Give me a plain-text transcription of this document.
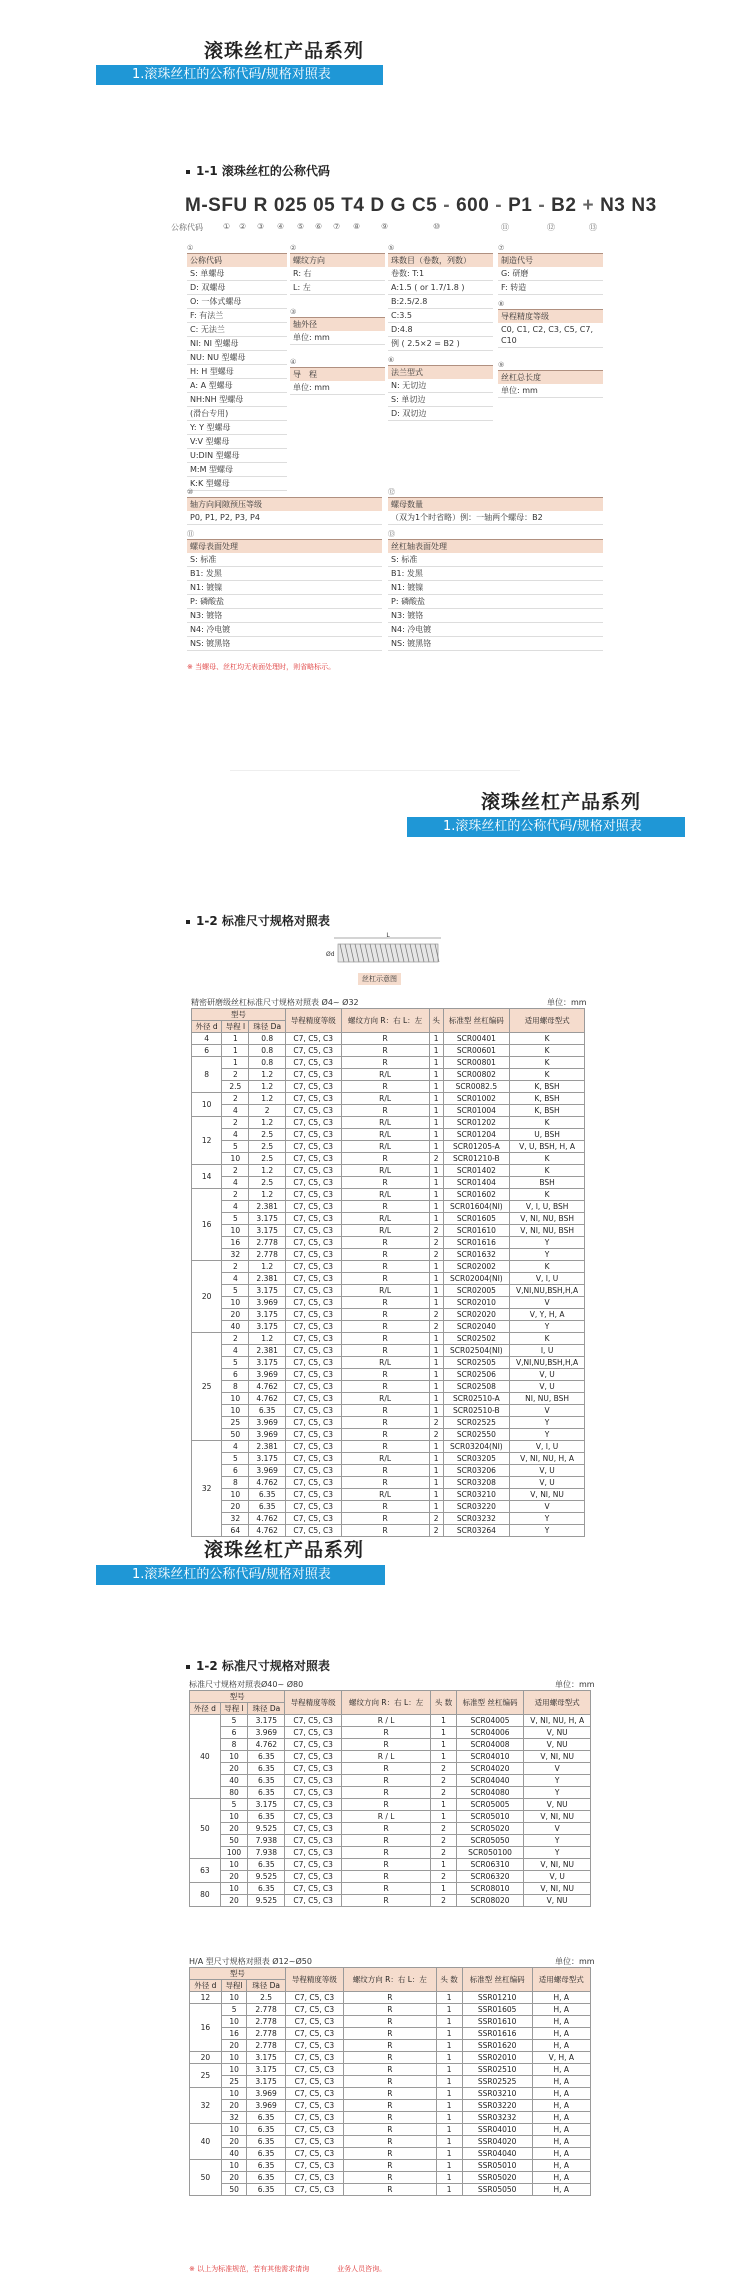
滚珠丝杠产品系列
1.滚珠丝杠的公称代码/规格对照表
1-1 滚珠丝杠的公称代码
M-SFU R 025 05 T4 D G C5 - 600 - P1 - B2 + N3 N3
公称代码	① ② ③ ④ ⑤ ⑥ ⑦ ⑧	⑨	⑩	⑪	⑫	⑬
①
公称代码
S: 单螺母
D: 双螺母
O: 一体式螺母
F: 有法兰
C: 无法兰
NI: NI 型螺母
NU: NU 型螺母
H: H 型螺母
A: A 型螺母
NH:NH 型螺母
(滑台专用)
Y: Y 型螺母
V:V 型螺母
U:DIN 型螺母
M:M 型螺母
K:K 型螺母
②
螺纹方向
R: 右
L: 左
③
轴外径
单位: mm
④
导　程
单位: mm
⑤
珠数目（卷数，列数）
卷数: T:1
A:1.5 ( or 1.7/1.8 )
B:2.5/2.8
C:3.5
D:4.8
例 ( 2.5×2 = B2 )
⑥
法兰型式
N: 无切边
S: 单切边
D: 双切边
⑦
制造代号
G: 研磨
F: 转造
⑧
导程精度等级
C0, C1, C2, C3, C5, C7, C10
⑨
丝杠总长度
单位: mm
⑩
轴方向间隙预压等级
P0, P1, P2, P3, P4
⑪
螺母表面处理
S: 标准
B1: 发黑
N1: 镀镍
P: 磷酸盐
N3: 镀铬
N4: 冷电镀
NS: 镀黑铬
⑫
螺母数量
（双为1个时省略）例：一轴两个螺母：B2
⑬
丝杠轴表面处理
S: 标准
B1: 发黑
N1: 镀镍
P: 磷酸盐
N3: 镀铬
N4: 冷电镀
NS: 镀黑铬
※ 当螺母、丝杠均无表面处理时，则省略标示。
滚珠丝杠产品系列
1.滚珠丝杠的公称代码/规格对照表
1-2 标准尺寸规格对照表
L
Ød
丝杠示意图
精密研磨级丝杠标准尺寸规格对照表 Ø4~ Ø32	单位：mm
型号			导程精度等级	螺纹方向 R：右 L：左	头	标准型 丝杠编码	适用螺母型式
外径 d	导程 l	珠径 Da					
4	1	0.8	C7, C5, C3	R	1	SCR00401	K
6	1	0.8	C7, C5, C3	R	1	SCR00601	K
8	1	0.8	C7, C5, C3	R	1	SCR00801	K
	2	1.2	C7, C5, C3	R/L	1	SCR00802	K
	2.5	1.2	C7, C5, C3	R	1	SCR0082.5	K, BSH
10	2	1.2	C7, C5, C3	R/L	1	SCR01002	K, BSH
	4	2	C7, C5, C3	R	1	SCR01004	K, BSH
12	2	1.2	C7, C5, C3	R/L	1	SCR01202	K
	4	2.5	C7, C5, C3	R/L	1	SCR01204	U, BSH
	5	2.5	C7, C5, C3	R/L	1	SCR01205-A	V, U, BSH, H, A
	10	2.5	C7, C5, C3	R	2	SCR01210-B	K
14	2	1.2	C7, C5, C3	R/L	1	SCR01402	K
	4	2.5	C7, C5, C3	R	1	SCR01404	BSH
16	2	1.2	C7, C5, C3	R/L	1	SCR01602	K
	4	2.381	C7, C5, C3	R	1	SCR01604(NI)	V, I, U, BSH
	5	3.175	C7, C5, C3	R/L	1	SCR01605	V, NI, NU, BSH
	10	3.175	C7, C5, C3	R/L	2	SCR01610	V, NI, NU, BSH
	16	2.778	C7, C5, C3	R	2	SCR01616	Y
	32	2.778	C7, C5, C3	R	2	SCR01632	Y
20	2	1.2	C7, C5, C3	R	1	SCR02002	K
	4	2.381	C7, C5, C3	R	1	SCR02004(NI)	V, I, U
	5	3.175	C7, C5, C3	R/L	1	SCR02005	V,NI,NU,BSH,H,A
	10	3.969	C7, C5, C3	R	1	SCR02010	V
	20	3.175	C7, C5, C3	R	2	SCR02020	V, Y, H, A
	40	3.175	C7, C5, C3	R	2	SCR02040	Y
25	2	1.2	C7, C5, C3	R	1	SCR02502	K
	4	2.381	C7, C5, C3	R	1	SCR02504(NI)	I, U
	5	3.175	C7, C5, C3	R/L	1	SCR02505	V,NI,NU,BSH,H,A
	6	3.969	C7, C5, C3	R	1	SCR02506	V, U
	8	4.762	C7, C5, C3	R	1	SCR02508	V, U
	10	4.762	C7, C5, C3	R/L	1	SCR02510-A	NI, NU, BSH
	10	6.35	C7, C5, C3	R	1	SCR02510-B	V
	25	3.969	C7, C5, C3	R	2	SCR02525	Y
	50	3.969	C7, C5, C3	R	2	SCR02550	Y
32	4	2.381	C7, C5, C3	R	1	SCR03204(NI)	V, I, U
	5	3.175	C7, C5, C3	R/L	1	SCR03205	V, NI, NU, H, A
	6	3.969	C7, C5, C3	R	1	SCR03206	V, U
	8	4.762	C7, C5, C3	R	1	SCR03208	V, U
	10	6.35	C7, C5, C3	R/L	1	SCR03210	V, NI, NU
	20	6.35	C7, C5, C3	R	1	SCR03220	V
	32	4.762	C7, C5, C3	R	2	SCR03232	Y
	64	4.762	C7, C5, C3	R	2	SCR03264	Y
滚珠丝杠产品系列
1.滚珠丝杠的公称代码/规格对照表
1-2 标准尺寸规格对照表
标准尺寸规格对照表Ø40~ Ø80	单位：mm
型号			导程精度等级	螺纹方向 R：右 L：左	头 数	标准型 丝杠编码	适用螺母型式
外径 d	导程 l	珠径 Da					
40	5	3.175	C7, C5, C3	R / L	1	SCR04005	V, NI, NU, H, A
	6	3.969	C7, C5, C3	R	1	SCR04006	V, NU
	8	4.762	C7, C5, C3	R	1	SCR04008	V, NU
	10	6.35	C7, C5, C3	R / L	1	SCR04010	V, NI, NU
	20	6.35	C7, C5, C3	R	2	SCR04020	V
	40	6.35	C7, C5, C3	R	2	SCR04040	Y
	80	6.35	C7, C5, C3	R	2	SCR04080	Y
50	5	3.175	C7, C5, C3	R	1	SCR05005	V, NU
	10	6.35	C7, C5, C3	R / L	1	SCR05010	V, NI, NU
	20	9.525	C7, C5, C3	R	2	SCR05020	V
	50	7.938	C7, C5, C3	R	2	SCR05050	Y
	100	7.938	C7, C5, C3	R	2	SCR050100	Y
63	10	6.35	C7, C5, C3	R	1	SCR06310	V, NI, NU
	20	9.525	C7, C5, C3	R	2	SCR06320	V, U
80	10	6.35	C7, C5, C3	R	1	SCR08010	V, NI, NU
	20	9.525	C7, C5, C3	R	2	SCR08020	V, NU
H/A 型尺寸规格对照表 Ø12~Ø50	单位：mm
型号			导程精度等级	螺纹方向 R：右 L：左	头 数	标准型 丝杠编码	适用螺母型式
外径 d	导程l	珠径 Da					
12	10	2.5	C7, C5, C3	R	1	SSR01210	H, A
16	5	2.778	C7, C5, C3	R	1	SSR01605	H, A
	10	2.778	C7, C5, C3	R	1	SSR01610	H, A
	16	2.778	C7, C5, C3	R	1	SSR01616	H, A
	20	2.778	C7, C5, C3	R	1	SSR01620	H, A
20	10	3.175	C7, C5, C3	R	1	SSR02010	V, H, A
25	10	3.175	C7, C5, C3	R	1	SSR02510	H, A
	25	3.175	C7, C5, C3	R	1	SSR02525	H, A
32	10	3.969	C7, C5, C3	R	1	SSR03210	H, A
	20	3.969	C7, C5, C3	R	1	SSR03220	H, A
	32	6.35	C7, C5, C3	R	1	SSR03232	H, A
40	10	6.35	C7, C5, C3	R	1	SSR04010	H, A
	20	6.35	C7, C5, C3	R	1	SSR04020	H, A
	40	6.35	C7, C5, C3	R	1	SSR04040	H, A
50	10	6.35	C7, C5, C3	R	1	SSR05010	H, A
	20	6.35	C7, C5, C3	R	1	SSR05020	H, A
	50	6.35	C7, C5, C3	R	1	SSR05050	H, A
※ 以上为标准规范，若有其他需求请询　　　　业务人员咨询。
